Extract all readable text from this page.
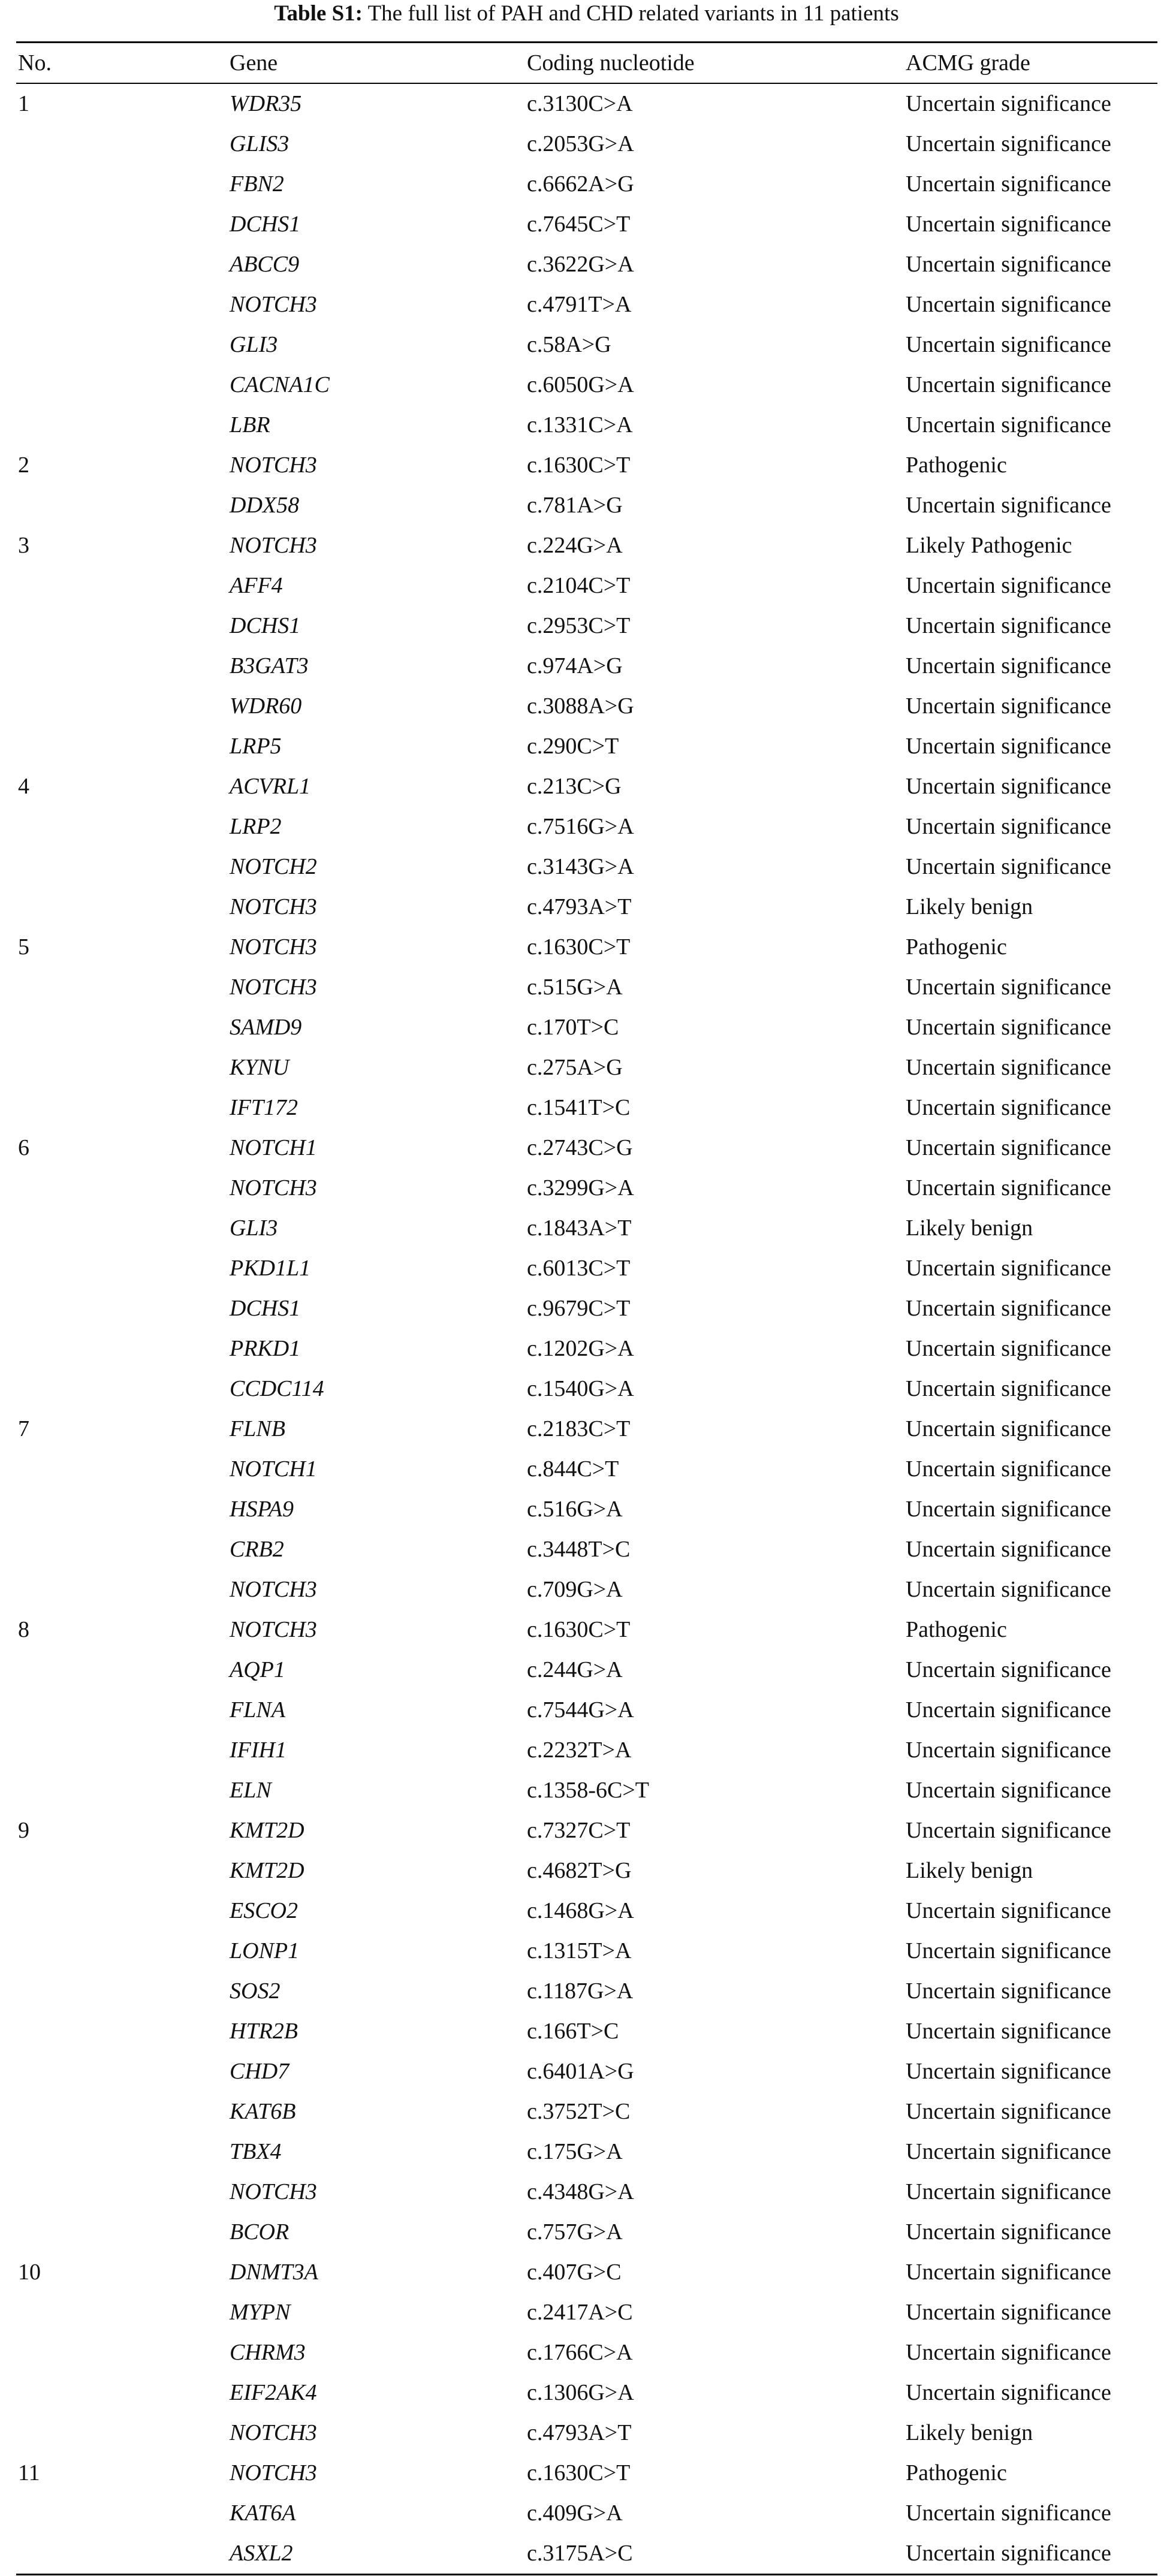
Table S1: The full list of PAH and CHD related variants in 11 patients
No.	Gene	Coding nucleotide	ACMG grade
1	WDR35	c.3130C>A	Uncertain significance
	GLIS3	c.2053G>A	Uncertain significance
	FBN2	c.6662A>G	Uncertain significance
	DCHS1	c.7645C>T	Uncertain significance
	ABCC9	c.3622G>A	Uncertain significance
	NOTCH3	c.4791T>A	Uncertain significance
	GLI3	c.58A>G	Uncertain significance
	CACNA1C	c.6050G>A	Uncertain significance
	LBR	c.1331C>A	Uncertain significance
2	NOTCH3	c.1630C>T	Pathogenic
	DDX58	c.781A>G	Uncertain significance
3	NOTCH3	c.224G>A	Likely Pathogenic
	AFF4	c.2104C>T	Uncertain significance
	DCHS1	c.2953C>T	Uncertain significance
	B3GAT3	c.974A>G	Uncertain significance
	WDR60	c.3088A>G	Uncertain significance
	LRP5	c.290C>T	Uncertain significance
4	ACVRL1	c.213C>G	Uncertain significance
	LRP2	c.7516G>A	Uncertain significance
	NOTCH2	c.3143G>A	Uncertain significance
	NOTCH3	c.4793A>T	Likely benign
5	NOTCH3	c.1630C>T	Pathogenic
	NOTCH3	c.515G>A	Uncertain significance
	SAMD9	c.170T>C	Uncertain significance
	KYNU	c.275A>G	Uncertain significance
	IFT172	c.1541T>C	Uncertain significance
6	NOTCH1	c.2743C>G	Uncertain significance
	NOTCH3	c.3299G>A	Uncertain significance
	GLI3	c.1843A>T	Likely benign
	PKD1L1	c.6013C>T	Uncertain significance
	DCHS1	c.9679C>T	Uncertain significance
	PRKD1	c.1202G>A	Uncertain significance
	CCDC114	c.1540G>A	Uncertain significance
7	FLNB	c.2183C>T	Uncertain significance
	NOTCH1	c.844C>T	Uncertain significance
	HSPA9	c.516G>A	Uncertain significance
	CRB2	c.3448T>C	Uncertain significance
	NOTCH3	c.709G>A	Uncertain significance
8	NOTCH3	c.1630C>T	Pathogenic
	AQP1	c.244G>A	Uncertain significance
	FLNA	c.7544G>A	Uncertain significance
	IFIH1	c.2232T>A	Uncertain significance
	ELN	c.1358-6C>T	Uncertain significance
9	KMT2D	c.7327C>T	Uncertain significance
	KMT2D	c.4682T>G	Likely benign
	ESCO2	c.1468G>A	Uncertain significance
	LONP1	c.1315T>A	Uncertain significance
	SOS2	c.1187G>A	Uncertain significance
	HTR2B	c.166T>C	Uncertain significance
	CHD7	c.6401A>G	Uncertain significance
	KAT6B	c.3752T>C	Uncertain significance
	TBX4	c.175G>A	Uncertain significance
	NOTCH3	c.4348G>A	Uncertain significance
	BCOR	c.757G>A	Uncertain significance
10	DNMT3A	c.407G>C	Uncertain significance
	MYPN	c.2417A>C	Uncertain significance
	CHRM3	c.1766C>A	Uncertain significance
	EIF2AK4	c.1306G>A	Uncertain significance
	NOTCH3	c.4793A>T	Likely benign
11	NOTCH3	c.1630C>T	Pathogenic
	KAT6A	c.409G>A	Uncertain significance
	ASXL2	c.3175A>C	Uncertain significance
